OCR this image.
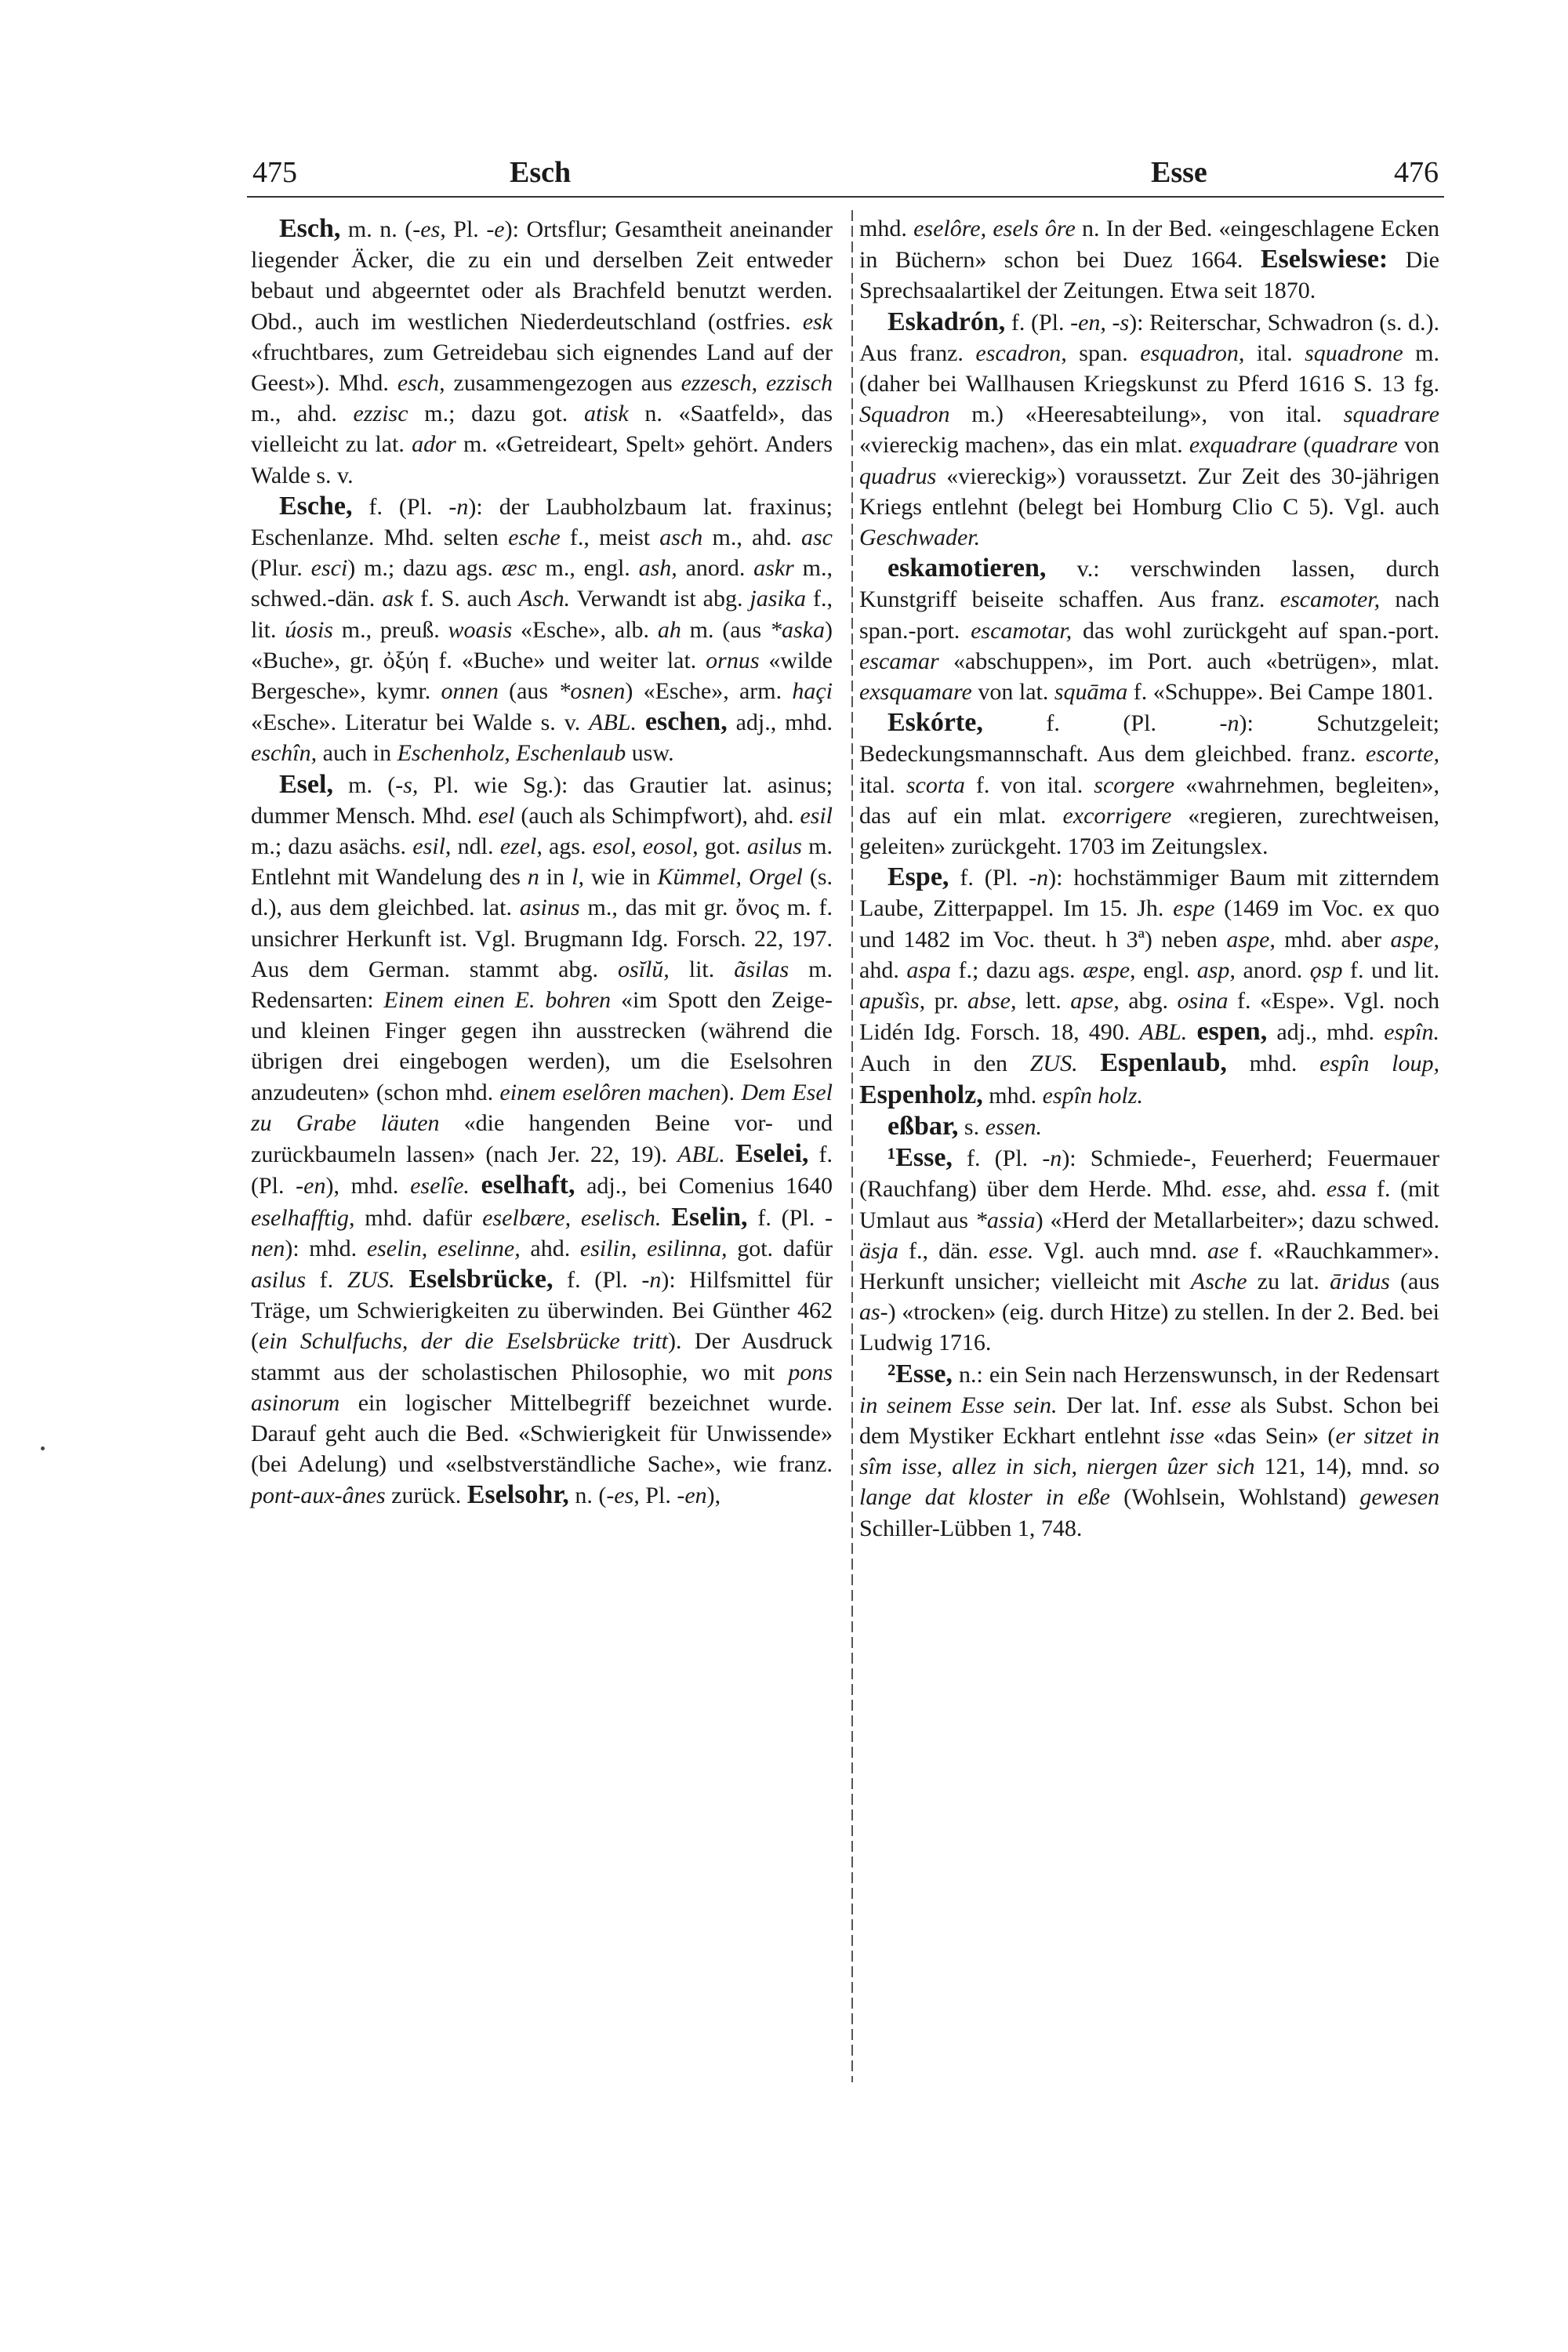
475	Esch	Esse	476

Esch, m. n. (-es, Pl. -e): Ortsflur; Gesamtheit aneinander liegender Äcker, die zu ein und derselben Zeit entweder bebaut und abgeerntet oder als Brachfeld benutzt werden. Obd., auch im westlichen Niederdeutschland (ostfries. esk «fruchtbares, zum Getreidebau sich eignendes Land auf der Geest»). Mhd. esch, zusammengezogen aus ezzesch, ezzisch m., ahd. ezzisc m.; dazu got. atisk n. «Saatfeld», das vielleicht zu lat. ador m. «Getreideart, Spelt» gehört. Anders Walde s. v.

Esche, f. (Pl. -n): der Laubholzbaum lat. fraxinus; Eschenlanze. Mhd. selten esche f., meist asch m., ahd. asc (Plur. esci) m.; dazu ags. æsc m., engl. ash, anord. askr m., schwed.-dän. ask f. S. auch Asch. Verwandt ist abg. jasika f., lit. úosis m., preuß. woasis «Esche», alb. ah m. (aus *aska) «Buche», gr. ὀξύη f. «Buche» und weiter lat. ornus «wilde Bergesche», kymr. onnen (aus *osnen) «Esche», arm. haçi «Esche». Literatur bei Walde s. v. ABL. eschen, adj., mhd. eschîn, auch in Eschenholz, Eschenlaub usw.

Esel, m. (-s, Pl. wie Sg.): das Grautier lat. asinus; dummer Mensch. Mhd. esel (auch als Schimpfwort), ahd. esil m.; dazu asächs. esil, ndl. ezel, ags. esol, eosol, got. asilus m. Entlehnt mit Wandelung des n in l, wie in Kümmel, Orgel (s. d.), aus dem gleichbed. lat. asinus m., das mit gr. ὄνος m. f. unsichrer Herkunft ist. Vgl. Brugmann Idg. Forsch. 22, 197. Aus dem German. stammt abg. osĭlŭ, lit. ãsilas m. Redensarten: Einem einen E. bohren «im Spott den Zeige- und kleinen Finger gegen ihn ausstrecken (während die übrigen drei eingebogen werden), um die Eselsohren anzudeuten» (schon mhd. einem eselôren machen). Dem Esel zu Grabe läuten «die hangenden Beine vor- und zurückbaumeln lassen» (nach Jer. 22, 19). ABL. Eselei, f. (Pl. -en), mhd. eselîe. eselhaft, adj., bei Comenius 1640 eselhafftig, mhd. dafür eselbære, eselisch. Eselin, f. (Pl. -nen): mhd. eselin, eselinne, ahd. esilin, esilinna, got. dafür asilus f. ZUS. Eselsbrücke, f. (Pl. -n): Hilfsmittel für Träge, um Schwierigkeiten zu überwinden. Bei Günther 462 (ein Schulfuchs, der die Eselsbrücke tritt). Der Ausdruck stammt aus der scholastischen Philosophie, wo mit pons asinorum ein logischer Mittelbegriff bezeichnet wurde. Darauf geht auch die Bed. «Schwierigkeit für Unwissende» (bei Adelung) und «selbstverständliche Sache», wie franz. pont-aux-ânes zurück. Eselsohr, n. (-es, Pl. -en),

mhd. eselôre, esels ôre n. In der Bed. «eingeschlagene Ecken in Büchern» schon bei Duez 1664. Eselswiese: Die Sprechsaalartikel der Zeitungen. Etwa seit 1870.

Eskadrón, f. (Pl. -en, -s): Reiterschar, Schwadron (s. d.). Aus franz. escadron, span. esquadron, ital. squadrone m. (daher bei Wallhausen Kriegskunst zu Pferd 1616 S. 13 fg. Squadron m.) «Heeresabteilung», von ital. squadrare «viereckig machen», das ein mlat. exquadrare (quadrare von quadrus «viereckig») voraussetzt. Zur Zeit des 30-jährigen Kriegs entlehnt (belegt bei Homburg Clio C 5). Vgl. auch Geschwader.

eskamotieren, v.: verschwinden lassen, durch Kunstgriff beiseite schaffen. Aus franz. escamoter, nach span.-port. escamotar, das wohl zurückgeht auf span.-port. escamar «abschuppen», im Port. auch «betrügen», mlat. exsquamare von lat. squāma f. «Schuppe». Bei Campe 1801.

Eskórte, f. (Pl. -n): Schutzgeleit; Bedeckungsmannschaft. Aus dem gleichbed. franz. escorte, ital. scorta f. von ital. scorgere «wahrnehmen, begleiten», das auf ein mlat. excorrigere «regieren, zurechtweisen, geleiten» zurückgeht. 1703 im Zeitungslex.

Espe, f. (Pl. -n): hochstämmiger Baum mit zitterndem Laube, Zitterpappel. Im 15. Jh. espe (1469 im Voc. ex quo und 1482 im Voc. theut. h 3ª) neben aspe, mhd. aber aspe, ahd. aspa f.; dazu ags. æspe, engl. asp, anord. ǫsp f. und lit. apušìs, pr. abse, lett. apse, abg. osina f. «Espe». Vgl. noch Lidén Idg. Forsch. 18, 490. ABL. espen, adj., mhd. espîn. Auch in den ZUS. Espenlaub, mhd. espîn loup, Espenholz, mhd. espîn holz.

eßbar, s. essen.

¹Esse, f. (Pl. -n): Schmiede-, Feuerherd; Feuermauer (Rauchfang) über dem Herde. Mhd. esse, ahd. essa f. (mit Umlaut aus *assia) «Herd der Metallarbeiter»; dazu schwed. äsja f., dän. esse. Vgl. auch mnd. ase f. «Rauchkammer». Herkunft unsicher; vielleicht mit Asche zu lat. āridus (aus as-) «trocken» (eig. durch Hitze) zu stellen. In der 2. Bed. bei Ludwig 1716.

²Esse, n.: ein Sein nach Herzenswunsch, in der Redensart in seinem Esse sein. Der lat. Inf. esse als Subst. Schon bei dem Mystiker Eckhart entlehnt isse «das Sein» (er sitzet in sîm isse, allez in sich, niergen ûzer sich 121, 14), mnd. so lange dat kloster in eße (Wohlsein, Wohlstand) gewesen Schiller-Lübben 1, 748.
